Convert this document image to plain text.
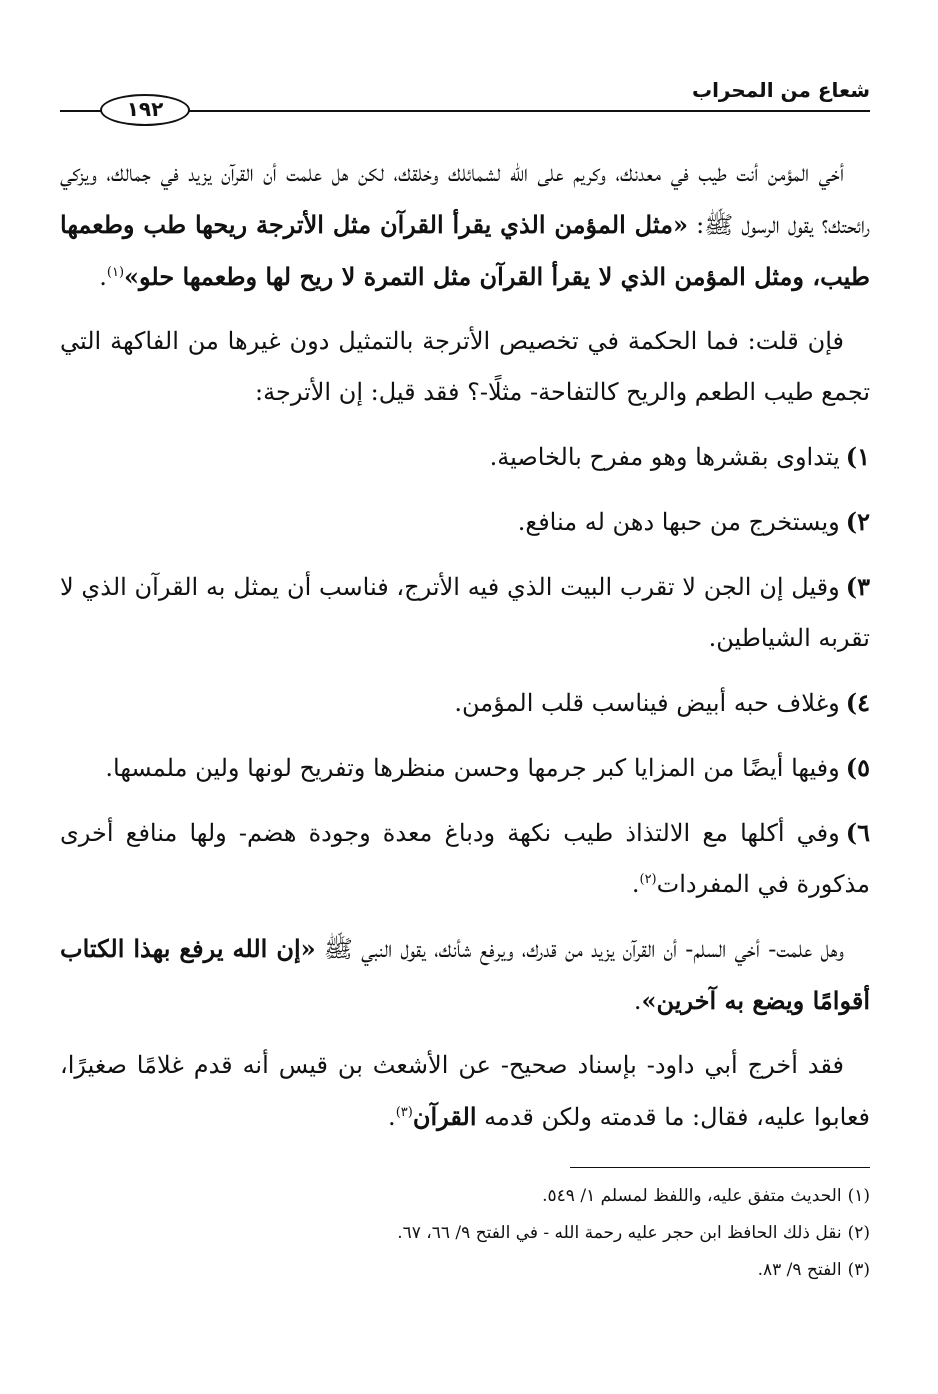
شعاع من المحراب
١٩٢

أخي المؤمن أنت طيب في معدنك، وكريم على الله لشمائلك وخلقك، لكن هل علمت أن القرآن يزيد في جمالك، ويزكي رائحتك؟ يقول الرسول ﷺ: «مثل المؤمن الذي يقرأ القرآن مثل الأترجة ريحها طب وطعمها طيب، ومثل المؤمن الذي لا يقرأ القرآن مثل التمرة لا ريح لها وطعمها حلو»$^{(١)}$.

فإن قلت: فما الحكمة في تخصيص الأترجة بالتمثيل دون غيرها من الفاكهة التي تجمع طيب الطعم والريح كالتفاحة- مثلًا-؟ فقد قيل: إن الأترجة:

١)يتداوى بقشرها وهو مفرح بالخاصية.
٢)ويستخرج من حبها دهن له منافع.
٣)وقيل إن الجن لا تقرب البيت الذي فيه الأترج، فناسب أن يمثل به القرآن الذي لا تقربه الشياطين.
٤)وغلاف حبه أبيض فيناسب قلب المؤمن.
٥)وفيها أيضًا من المزايا كبر جرمها وحسن منظرها وتفريح لونها ولين ملمسها.
٦)وفي أكلها مع الالتذاذ طيب نكهة ودباغ معدة وجودة هضم- ولها منافع أخرى مذكورة في المفردات$^{(٢)}$.

وهل علمت- أخي السلم- أن القرآن يزيد من قدرك، ويرفع شأنك، يقول النبي ﷺ «إن الله يرفع بهذا الكتاب أقوامًا ويضع به آخرين».

فقد أخرج أبي داود- بإسناد صحيح- عن الأشعث بن قيس أنه قدم غلامًا صغيرًا، فعابوا عليه، فقال: ما قدمته ولكن قدمه القرآن$^{(٣)}$.

(١)الحديث متفق عليه، واللفظ لمسلم ١/ ٥٤٩.
(٢)نقل ذلك الحافظ ابن حجر عليه رحمة الله - في الفتح ٩/ ٦٦، ٦٧.
(٣)الفتح ٩/ ٨٣.
